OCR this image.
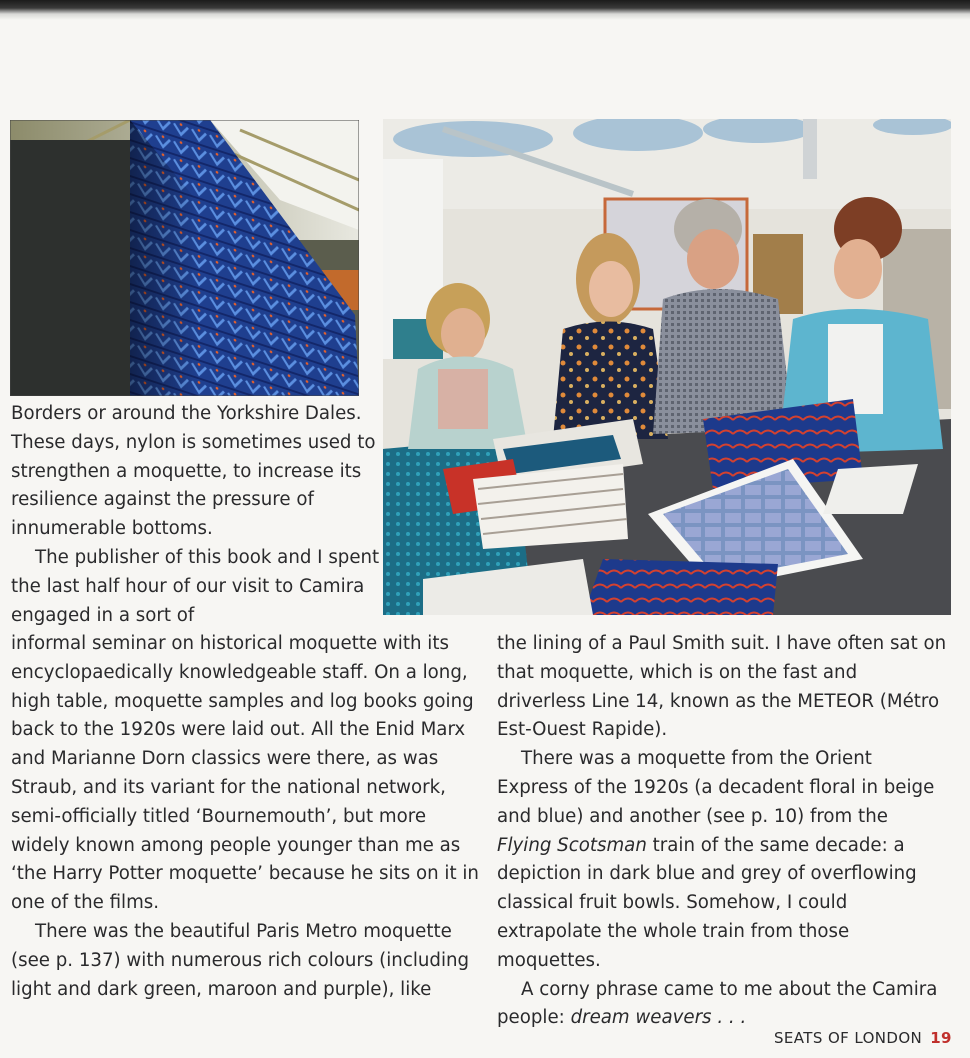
Borders or around the Yorkshire Dales. These days, nylon is sometimes used to strengthen a moquette, to increase its resilience against the pressure of innumerable bottoms.

The publisher of this book and I spent the last half hour of our visit to Camira engaged in a sort of

informal seminar on historical moquette with its encyclopaedically knowledgeable staff. On a long, high table, moquette samples and log books going back to the 1920s were laid out. All the Enid Marx and Marianne Dorn classics were there, as was Straub, and its variant for the national network, semi-officially titled ‘Bournemouth’, but more widely known among people younger than me as ‘the Harry Potter moquette’ because he sits on it in one of the films.

There was the beautiful Paris Metro moquette (see p. 137) with numerous rich colours (including light and dark green, maroon and purple), like

the lining of a Paul Smith suit. I have often sat on that moquette, which is on the fast and driverless Line 14, known as the METEOR (Métro Est-Ouest Rapide).

There was a moquette from the Orient Express of the 1920s (a decadent floral in beige and blue) and another (see p. 10) from the Flying Scotsman train of the same decade: a depiction in dark blue and grey of overflowing classical fruit bowls. Somehow, I could extrapolate the whole train from those moquettes.

A corny phrase came to me about the Camira people: dream weavers . . .

SEATS OF LONDON 19
